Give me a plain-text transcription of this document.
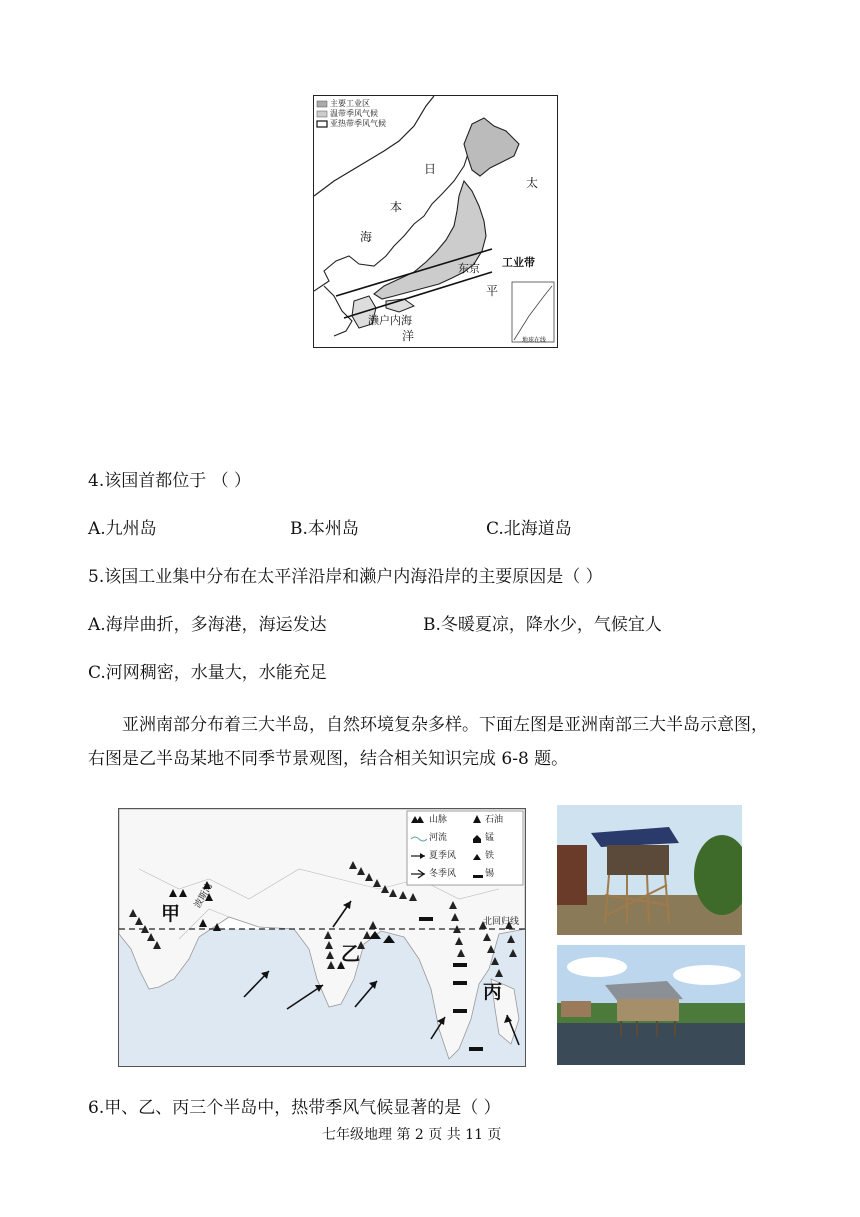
主要工业区
温带季风气候
亚热带季风气候
日
本
海
太
平
洋
东京 工业带
濑户内海
地球在线
4.该国首都位于 （ ）
A.九州岛	B.本州岛	C.北海道岛
5.该国工业集中分布在太平洋沿岸和濑户内海沿岸的主要原因是（ ）
A.海岸曲折，多海港，海运发达	B.冬暖夏凉，降水少，气候宜人
C.河网稠密，水量大，水能充足
亚洲南部分布着三大半岛，自然环境复杂多样。下面左图是亚洲南部三大半岛示意图，
右图是乙半岛某地不同季节景观图，结合相关知识完成 6-8 题。
山脉	石油
河流	锰
夏季风	铁
冬季风	锡
甲
乙
丙
波斯湾
北回归线
6.甲、乙、丙三个半岛中，热带季风气候显著的是（ ）
七年级地理 第 2 页 共 11 页
